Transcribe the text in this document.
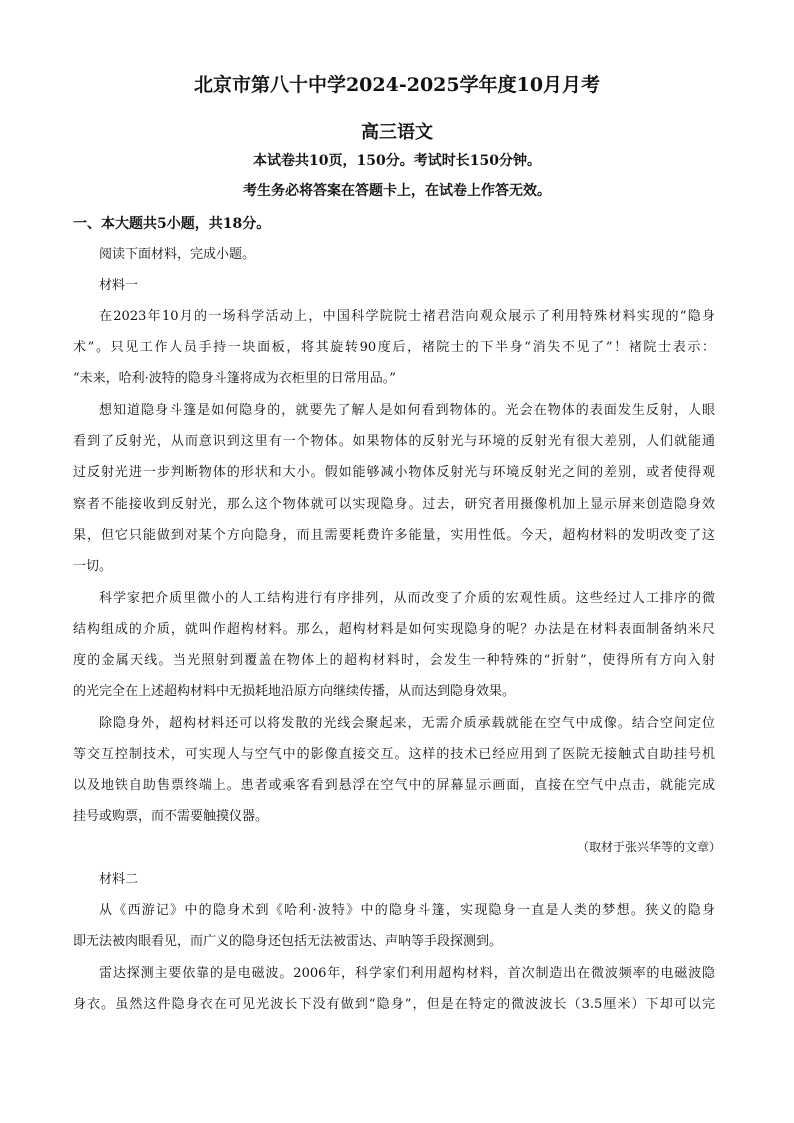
北京市第八十中学2024-2025学年度10月月考
高三语文
本试卷共10页，150分。考试时长150分钟。
考生务必将答案在答题卡上，在试卷上作答无效。
一、本大题共5小题，共18分。
阅读下面材料，完成小题。
材料一
在2023年10月的一场科学活动上，中国科学院院士褚君浩向观众展示了利用特殊材料实现的“隐身
术”。只见工作人员手持一块面板，将其旋转90度后，褚院士的下半身“消失不见了”！褚院士表示：
“未来，哈利·波特的隐身斗篷将成为衣柜里的日常用品。”
想知道隐身斗篷是如何隐身的，就要先了解人是如何看到物体的。光会在物体的表面发生反射，人眼
看到了反射光，从而意识到这里有一个物体。如果物体的反射光与环境的反射光有很大差别，人们就能通
过反射光进一步判断物体的形状和大小。假如能够减小物体反射光与环境反射光之间的差别，或者使得观
察者不能接收到反射光，那么这个物体就可以实现隐身。过去，研究者用摄像机加上显示屏来创造隐身效
果，但它只能做到对某个方向隐身，而且需要耗费许多能量，实用性低。今天，超构材料的发明改变了这
一切。
科学家把介质里微小的人工结构进行有序排列，从而改变了介质的宏观性质。这些经过人工排序的微
结构组成的介质，就叫作超构材料。那么，超构材料是如何实现隐身的呢？办法是在材料表面制备纳米尺
度的金属天线。当光照射到覆盖在物体上的超构材料时，会发生一种特殊的“折射”，使得所有方向入射
的光完全在上述超构材料中无损耗地沿原方向继续传播，从而达到隐身效果。
除隐身外，超构材料还可以将发散的光线会聚起来，无需介质承载就能在空气中成像。结合空间定位
等交互控制技术，可实现人与空气中的影像直接交互。这样的技术已经应用到了医院无接触式自助挂号机
以及地铁自助售票终端上。患者或乘客看到悬浮在空气中的屏幕显示画面，直接在空气中点击，就能完成
挂号或购票，而不需要触摸仪器。
（取材于张兴华等的文章）
材料二
从《西游记》中的隐身术到《哈利·波特》中的隐身斗篷，实现隐身一直是人类的梦想。狭义的隐身
即无法被肉眼看见，而广义的隐身还包括无法被雷达、声呐等手段探测到。
雷达探测主要依靠的是电磁波。2006年，科学家们利用超构材料，首次制造出在微波频率的电磁波隐
身衣。虽然这件隐身衣在可见光波长下没有做到“隐身”，但是在特定的微波波长（3.5厘米）下却可以完
